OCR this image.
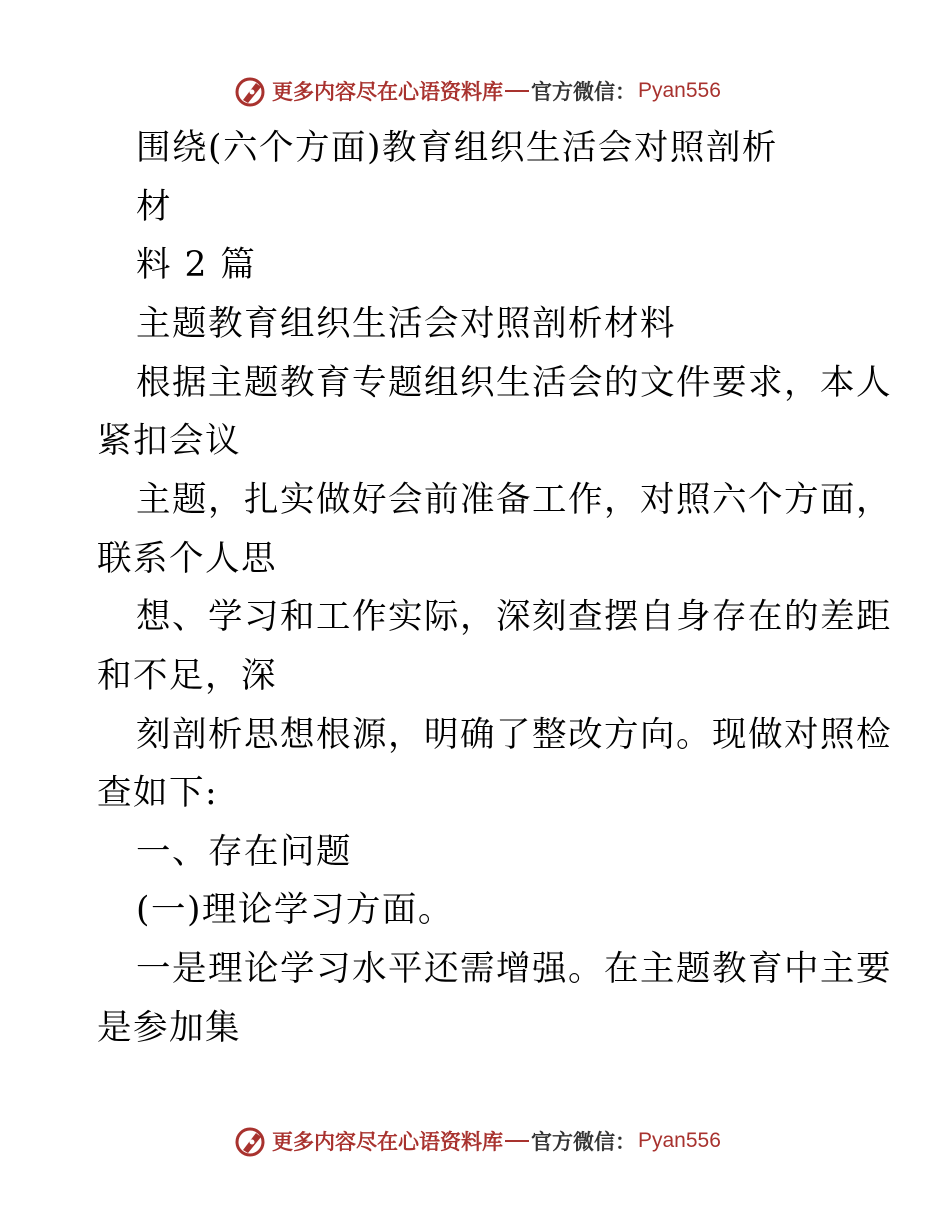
更多内容尽在心语资料库 官方微信： Pyan556
围绕(六个方面)教育组织生活会对照剖析
材
料 2 篇
主题教育组织生活会对照剖析材料
根据主题教育专题组织生活会的文件要求，本人
紧扣会议
主题，扎实做好会前准备工作，对照六个方面，
联系个人思
想、学习和工作实际，深刻查摆自身存在的差距
和不足，深
刻剖析思想根源，明确了整改方向。现做对照检
查如下:
一、存在问题
(一)理论学习方面。
一是理论学习水平还需增强。在主题教育中主要
是参加集
更多内容尽在心语资料库 官方微信： Pyan556
